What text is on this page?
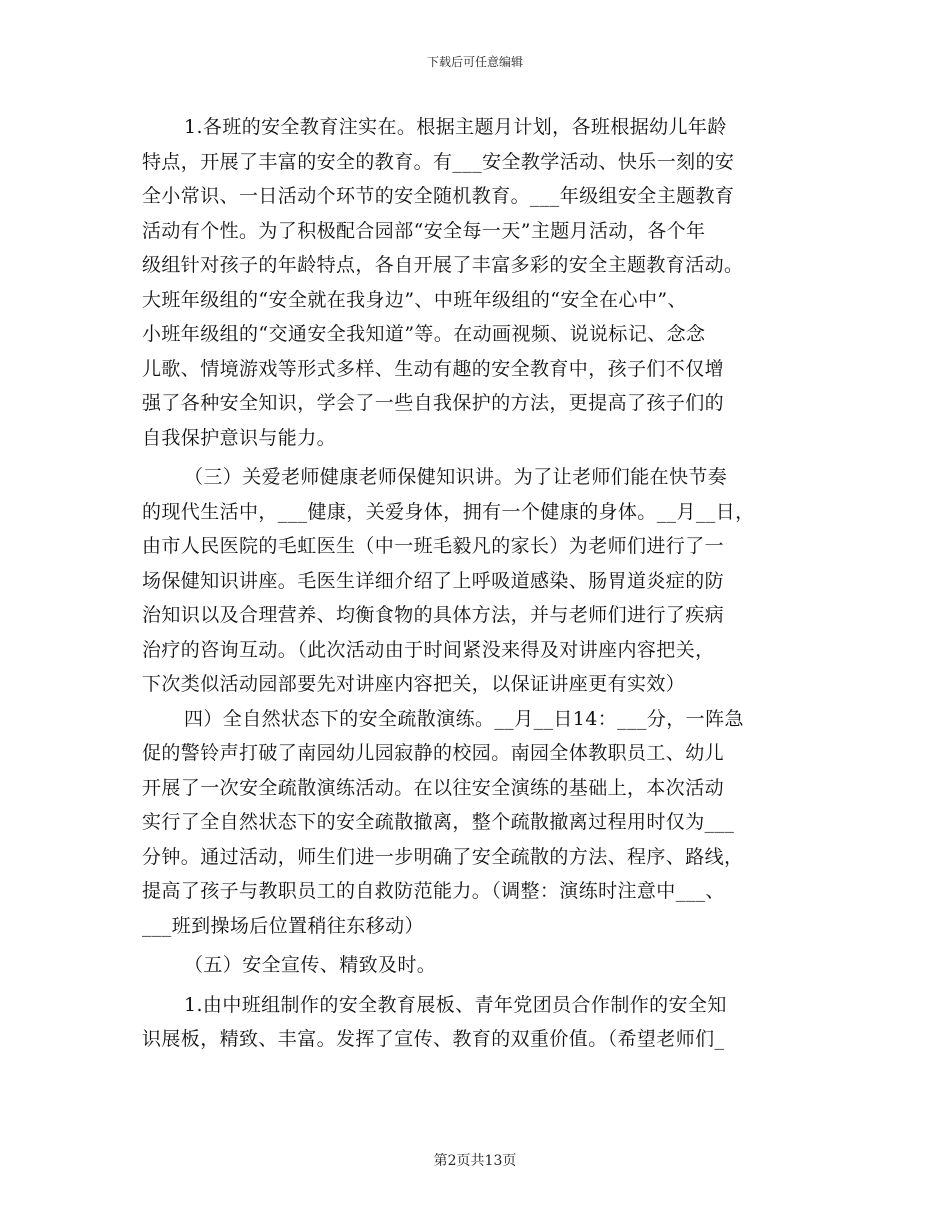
下载后可任意编辑
1.各班的安全教育注实在。根据主题月计划，各班根据幼儿年龄
特点，开展了丰富的安全的教育。有___安全教学活动、快乐一刻的安
全小常识、一日活动个环节的安全随机教育。___年级组安全主题教育
活动有个性。为了积极配合园部“安全每一天”主题月活动，各个年
级组针对孩子的年龄特点，各自开展了丰富多彩的安全主题教育活动。
大班年级组的“安全就在我身边”、中班年级组的“安全在心中”、
小班年级组的“交通安全我知道”等。在动画视频、说说标记、念念
儿歌、情境游戏等形式多样、生动有趣的安全教育中，孩子们不仅增
强了各种安全知识，学会了一些自我保护的方法，更提高了孩子们的
自我保护意识与能力。
（三）关爱老师健康老师保健知识讲。为了让老师们能在快节奏
的现代生活中，___健康，关爱身体，拥有一个健康的身体。__月__日，
由市人民医院的毛虹医生（中一班毛毅凡的家长）为老师们进行了一
场保健知识讲座。毛医生详细介绍了上呼吸道感染、肠胃道炎症的防
治知识以及合理营养、均衡食物的具体方法，并与老师们进行了疾病
治疗的咨询互动。（此次活动由于时间紧没来得及对讲座内容把关，
下次类似活动园部要先对讲座内容把关，以保证讲座更有实效）
四）全自然状态下的安全疏散演练。__月__日14：___分，一阵急
促的警铃声打破了南园幼儿园寂静的校园。南园全体教职员工、幼儿
开展了一次安全疏散演练活动。在以往安全演练的基础上，本次活动
实行了全自然状态下的安全疏散撤离，整个疏散撤离过程用时仅为___
分钟。通过活动，师生们进一步明确了安全疏散的方法、程序、路线，
提高了孩子与教职员工的自救防范能力。（调整：演练时注意中___、
___班到操场后位置稍往东移动）
（五）安全宣传、精致及时。
1.由中班组制作的安全教育展板、青年党团员合作制作的安全知
识展板，精致、丰富。发挥了宣传、教育的双重价值。（希望老师们_
第2页共13页
